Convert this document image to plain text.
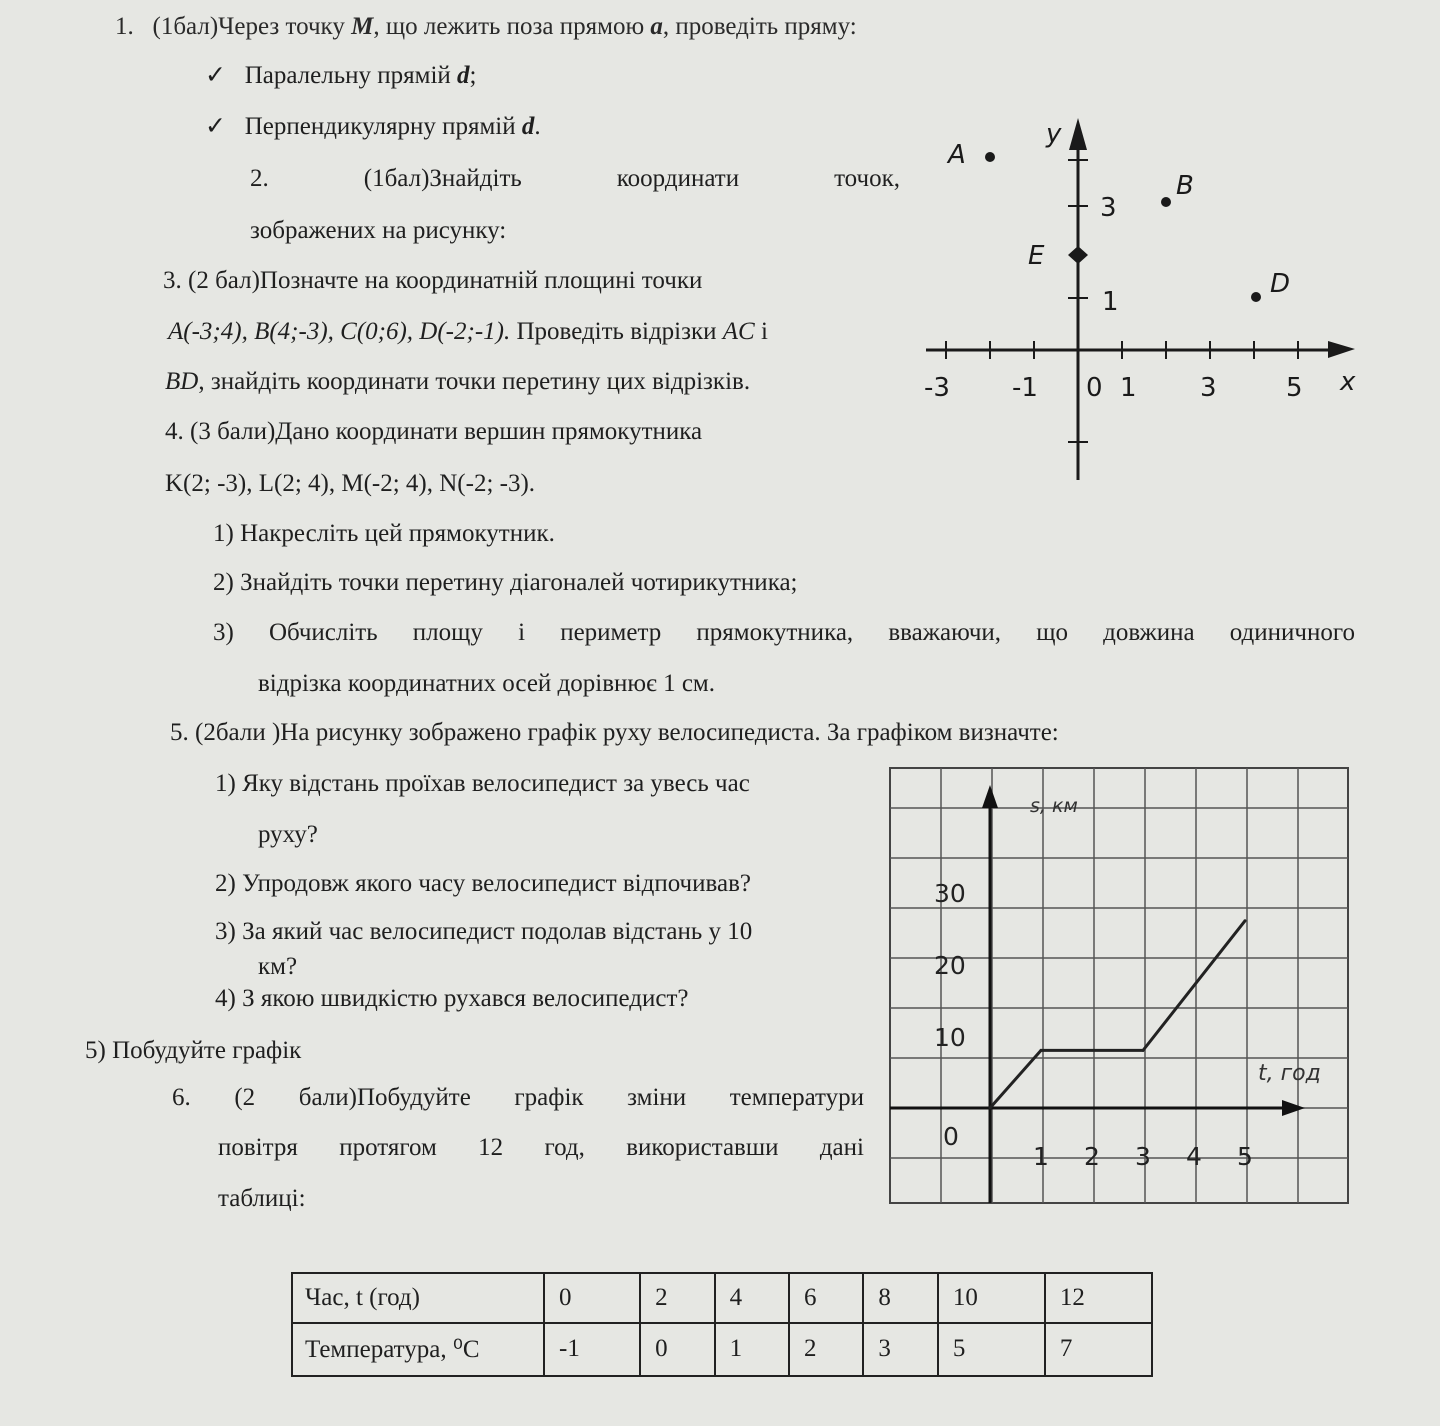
1. (1бал)Через точку M, що лежить поза прямою a, проведіть пряму:
✓ Паралельну прямій d;
✓ Перпендикулярну прямій d.
2.	(1бал)Знайдіть	координати	точок,
зображених на рисунку:
3. (2 бал)Позначте на координатній площині точки
A(-3;4), B(4;-3), C(0;6), D(-2;-1). Проведіть відрізки AC і
BD, знайдіть координати точки перетину цих відрізків.
4. (3 бали)Дано координати вершин прямокутника
K(2; -3), L(2; 4), M(-2; 4), N(-2; -3).
1) Накресліть цей прямокутник.
2) Знайдіть точки перетину діагоналей чотирикутника;
3) Обчисліть площу і периметр прямокутника, вважаючи, що довжина одиничного
відрізка координатних осей дорівнює 1 см.
5. (2бали )На рисунку зображено графік руху велосипедиста. За графіком визначте:
1) Яку відстань проїхав велосипедист за увесь час
руху?
2) Упродовж якого часу велосипедист відпочивав?
3) За який час велосипедист подолав відстань у 10
км?
4) З якою швидкістю рухався велосипедист?
5) Побудуйте графік
6. (2 бали)Побудуйте графік зміни температури
повітря протягом 12 год, використавши дані
таблиці:
A
B
D
E
y
x
-3 -1 0 1 3	5
3
1
1 2 3 4 5
0
10
20
30
s, км
t, год
Час, t (год)	0	2	4	6	8	10	12
Температура, ⁰C	-1	0	1	2	3	5	7
